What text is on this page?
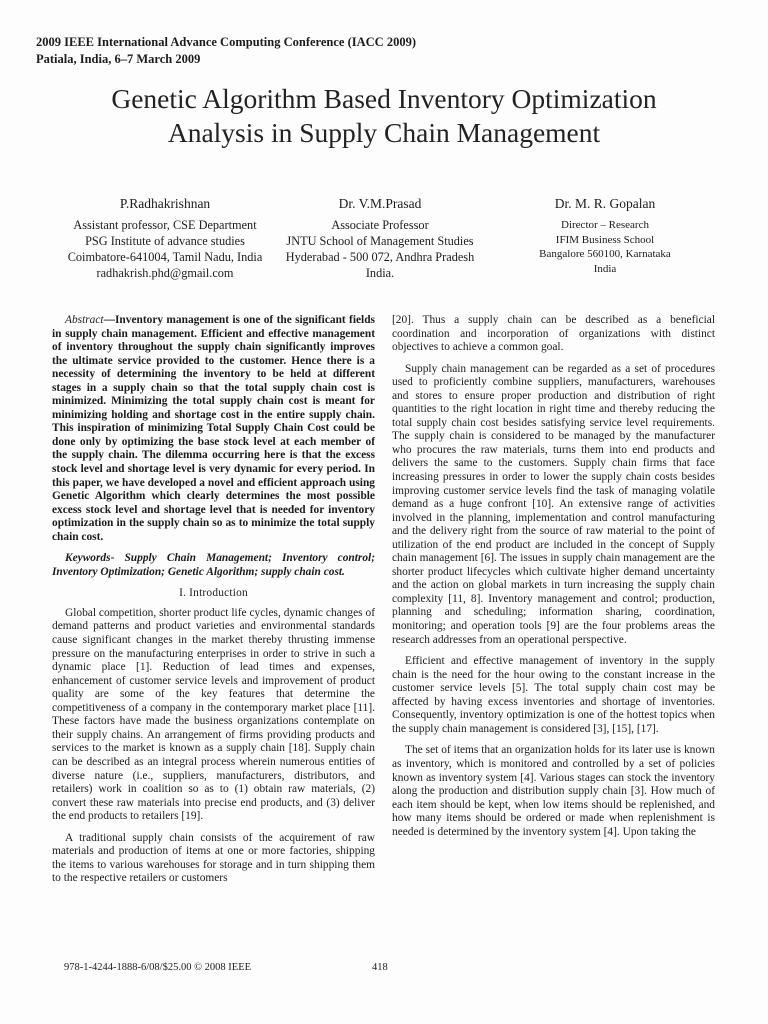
2009 IEEE International Advance Computing Conference (IACC 2009)
Patiala, India, 6–7 March 2009
Genetic Algorithm Based Inventory Optimization
Analysis in Supply Chain Management
P.Radhakrishnan
Assistant professor, CSE Department
PSG Institute of advance studies
Coimbatore-641004, Tamil Nadu, India
radhakrish.phd@gmail.com
Dr. V.M.Prasad
Associate Professor
JNTU School of Management Studies
Hyderabad - 500 072, Andhra Pradesh
India.
Dr. M. R. Gopalan
Director – Research
IFIM Business School
Bangalore 560100, Karnataka
India

Abstract—Inventory management is one of the significant fields in supply chain management. Efficient and effective management of inventory throughout the supply chain significantly improves the ultimate service provided to the customer. Hence there is a necessity of determining the inventory to be held at different stages in a supply chain so that the total supply chain cost is minimized. Minimizing the total supply chain cost is meant for minimizing holding and shortage cost in the entire supply chain. This inspiration of minimizing Total Supply Chain Cost could be done only by optimizing the base stock level at each member of the supply chain. The dilemma occurring here is that the excess stock level and shortage level is very dynamic for every period. In this paper, we have developed a novel and efficient approach using Genetic Algorithm which clearly determines the most possible excess stock level and shortage level that is needed for inventory optimization in the supply chain so as to minimize the total supply chain cost.

Keywords- Supply Chain Management; Inventory control; Inventory Optimization; Genetic Algorithm; supply chain cost.

I. Introduction

Global competition, shorter product life cycles, dynamic changes of demand patterns and product varieties and environmental standards cause significant changes in the market thereby thrusting immense pressure on the manufacturing enterprises in order to strive in such a dynamic place [1]. Reduction of lead times and expenses, enhancement of customer service levels and improvement of product quality are some of the key features that determine the competitiveness of a company in the contemporary market place [11]. These factors have made the business organizations contemplate on their supply chains. An arrangement of firms providing products and services to the market is known as a supply chain [18]. Supply chain can be described as an integral process wherein numerous entities of diverse nature (i.e., suppliers, manufacturers, distributors, and retailers) work in coalition so as to (1) obtain raw materials, (2) convert these raw materials into precise end products, and (3) deliver the end products to retailers [19].

A traditional supply chain consists of the acquirement of raw materials and production of items at one or more factories, shipping the items to various warehouses for storage and in turn shipping them to the respective retailers or customers

[20]. Thus a supply chain can be described as a beneficial coordination and incorporation of organizations with distinct objectives to achieve a common goal.

Supply chain management can be regarded as a set of procedures used to proficiently combine suppliers, manufacturers, warehouses and stores to ensure proper production and distribution of right quantities to the right location in right time and thereby reducing the total supply chain cost besides satisfying service level requirements. The supply chain is considered to be managed by the manufacturer who procures the raw materials, turns them into end products and delivers the same to the customers. Supply chain firms that face increasing pressures in order to lower the supply chain costs besides improving customer service levels find the task of managing volatile demand as a huge confront [10]. An extensive range of activities involved in the planning, implementation and control manufacturing and the delivery right from the source of raw material to the point of utilization of the end product are included in the concept of Supply chain management [6]. The issues in supply chain management are the shorter product lifecycles which cultivate higher demand uncertainty and the action on global markets in turn increasing the supply chain complexity [11, 8]. Inventory management and control; production, planning and scheduling; information sharing, coordination, monitoring; and operation tools [9] are the four problems areas the research addresses from an operational perspective.

Efficient and effective management of inventory in the supply chain is the need for the hour owing to the constant increase in the customer service levels [5]. The total supply chain cost may be affected by having excess inventories and shortage of inventories. Consequently, inventory optimization is one of the hottest topics when the supply chain management is considered [3], [15], [17].

The set of items that an organization holds for its later use is known as inventory, which is monitored and controlled by a set of policies known as inventory system [4]. Various stages can stock the inventory along the production and distribution supply chain [3]. How much of each item should be kept, when low items should be replenished, and how many items should be ordered or made when replenishment is needed is determined by the inventory system [4]. Upon taking the

978-1-4244-1888-6/08/$25.00 © 2008 IEEE	418
